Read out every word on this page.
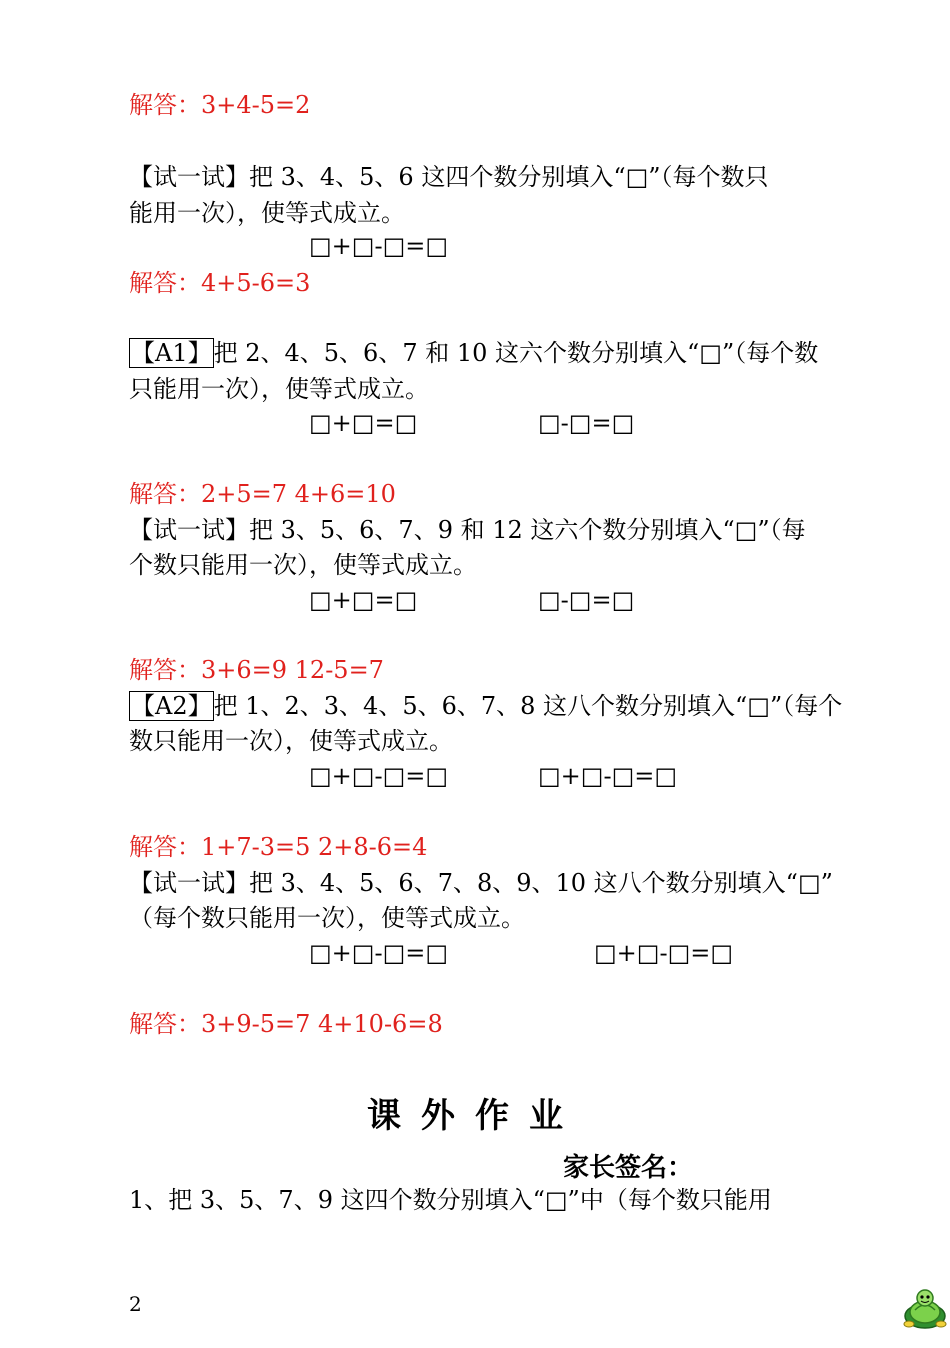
解答：3+4-5=2
【试一试】把 3、4、5、6 这四个数分别填入“□”（每个数只
能用一次），使等式成立。
□+□-□=□
解答：4+5-6=3
【A1】把 2、4、5、6、7 和 10 这六个数分别填入“□”（每个数
只能用一次），使等式成立。
□+□=□	□-□=□
解答：2+5=7 4+6=10
【试一试】把 3、5、6、7、9 和 12 这六个数分别填入“□”（每
个数只能用一次），使等式成立。
□+□=□	□-□=□
解答：3+6=9 12-5=7
【A2】把 1、2、3、4、5、6、7、8 这八个数分别填入“□”（每个
数只能用一次），使等式成立。
□+□-□=□	□+□-□=□
解答：1+7-3=5 2+8-6=4
【试一试】把 3、4、5、6、7、8、9、10 这八个数分别填入“□”
（每个数只能用一次），使等式成立。
□+□-□=□	□+□-□=□
解答：3+9-5=7 4+10-6=8
课外作业
家长签名：
1、把 3、5、7、9 这四个数分别填入“□”中（每个数只能用
2
